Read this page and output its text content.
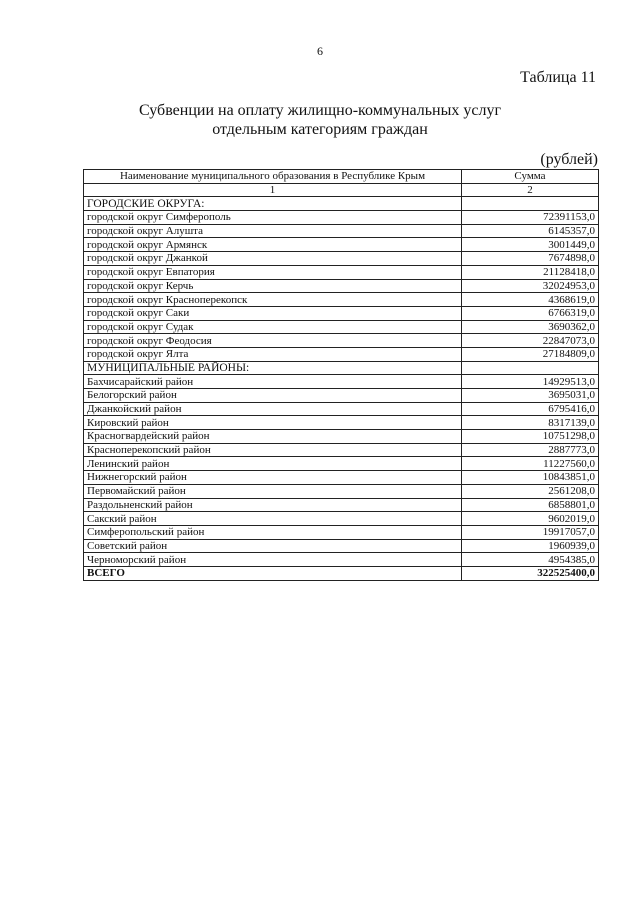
6
Таблица 11
Субвенции на оплату жилищно-коммунальных услуг
отдельным категориям граждан
(рублей)
Наименование муниципального образования в Республике Крым	Сумма
1	2
ГОРОДСКИЕ ОКРУГА:	
городской округ Симферополь	72391153,0
городской округ Алушта	6145357,0
городской округ Армянск	3001449,0
городской округ Джанкой	7674898,0
городской округ Евпатория	21128418,0
городской округ Керчь	32024953,0
городской округ Красноперекопск	4368619,0
городской округ Саки	6766319,0
городской округ Судак	3690362,0
городской округ Феодосия	22847073,0
городской округ Ялта	27184809,0
МУНИЦИПАЛЬНЫЕ РАЙОНЫ:	
Бахчисарайский район	14929513,0
Белогорский район	3695031,0
Джанкойский район	6795416,0
Кировский район	8317139,0
Красногвардейский район	10751298,0
Красноперекопский район	2887773,0
Ленинский район	11227560,0
Нижнегорский район	10843851,0
Первомайский район	2561208,0
Раздольненский район	6858801,0
Сакский район	9602019,0
Симферопольский район	19917057,0
Советский район	1960939,0
Черноморский район	4954385,0
ВСЕГО	322525400,0
